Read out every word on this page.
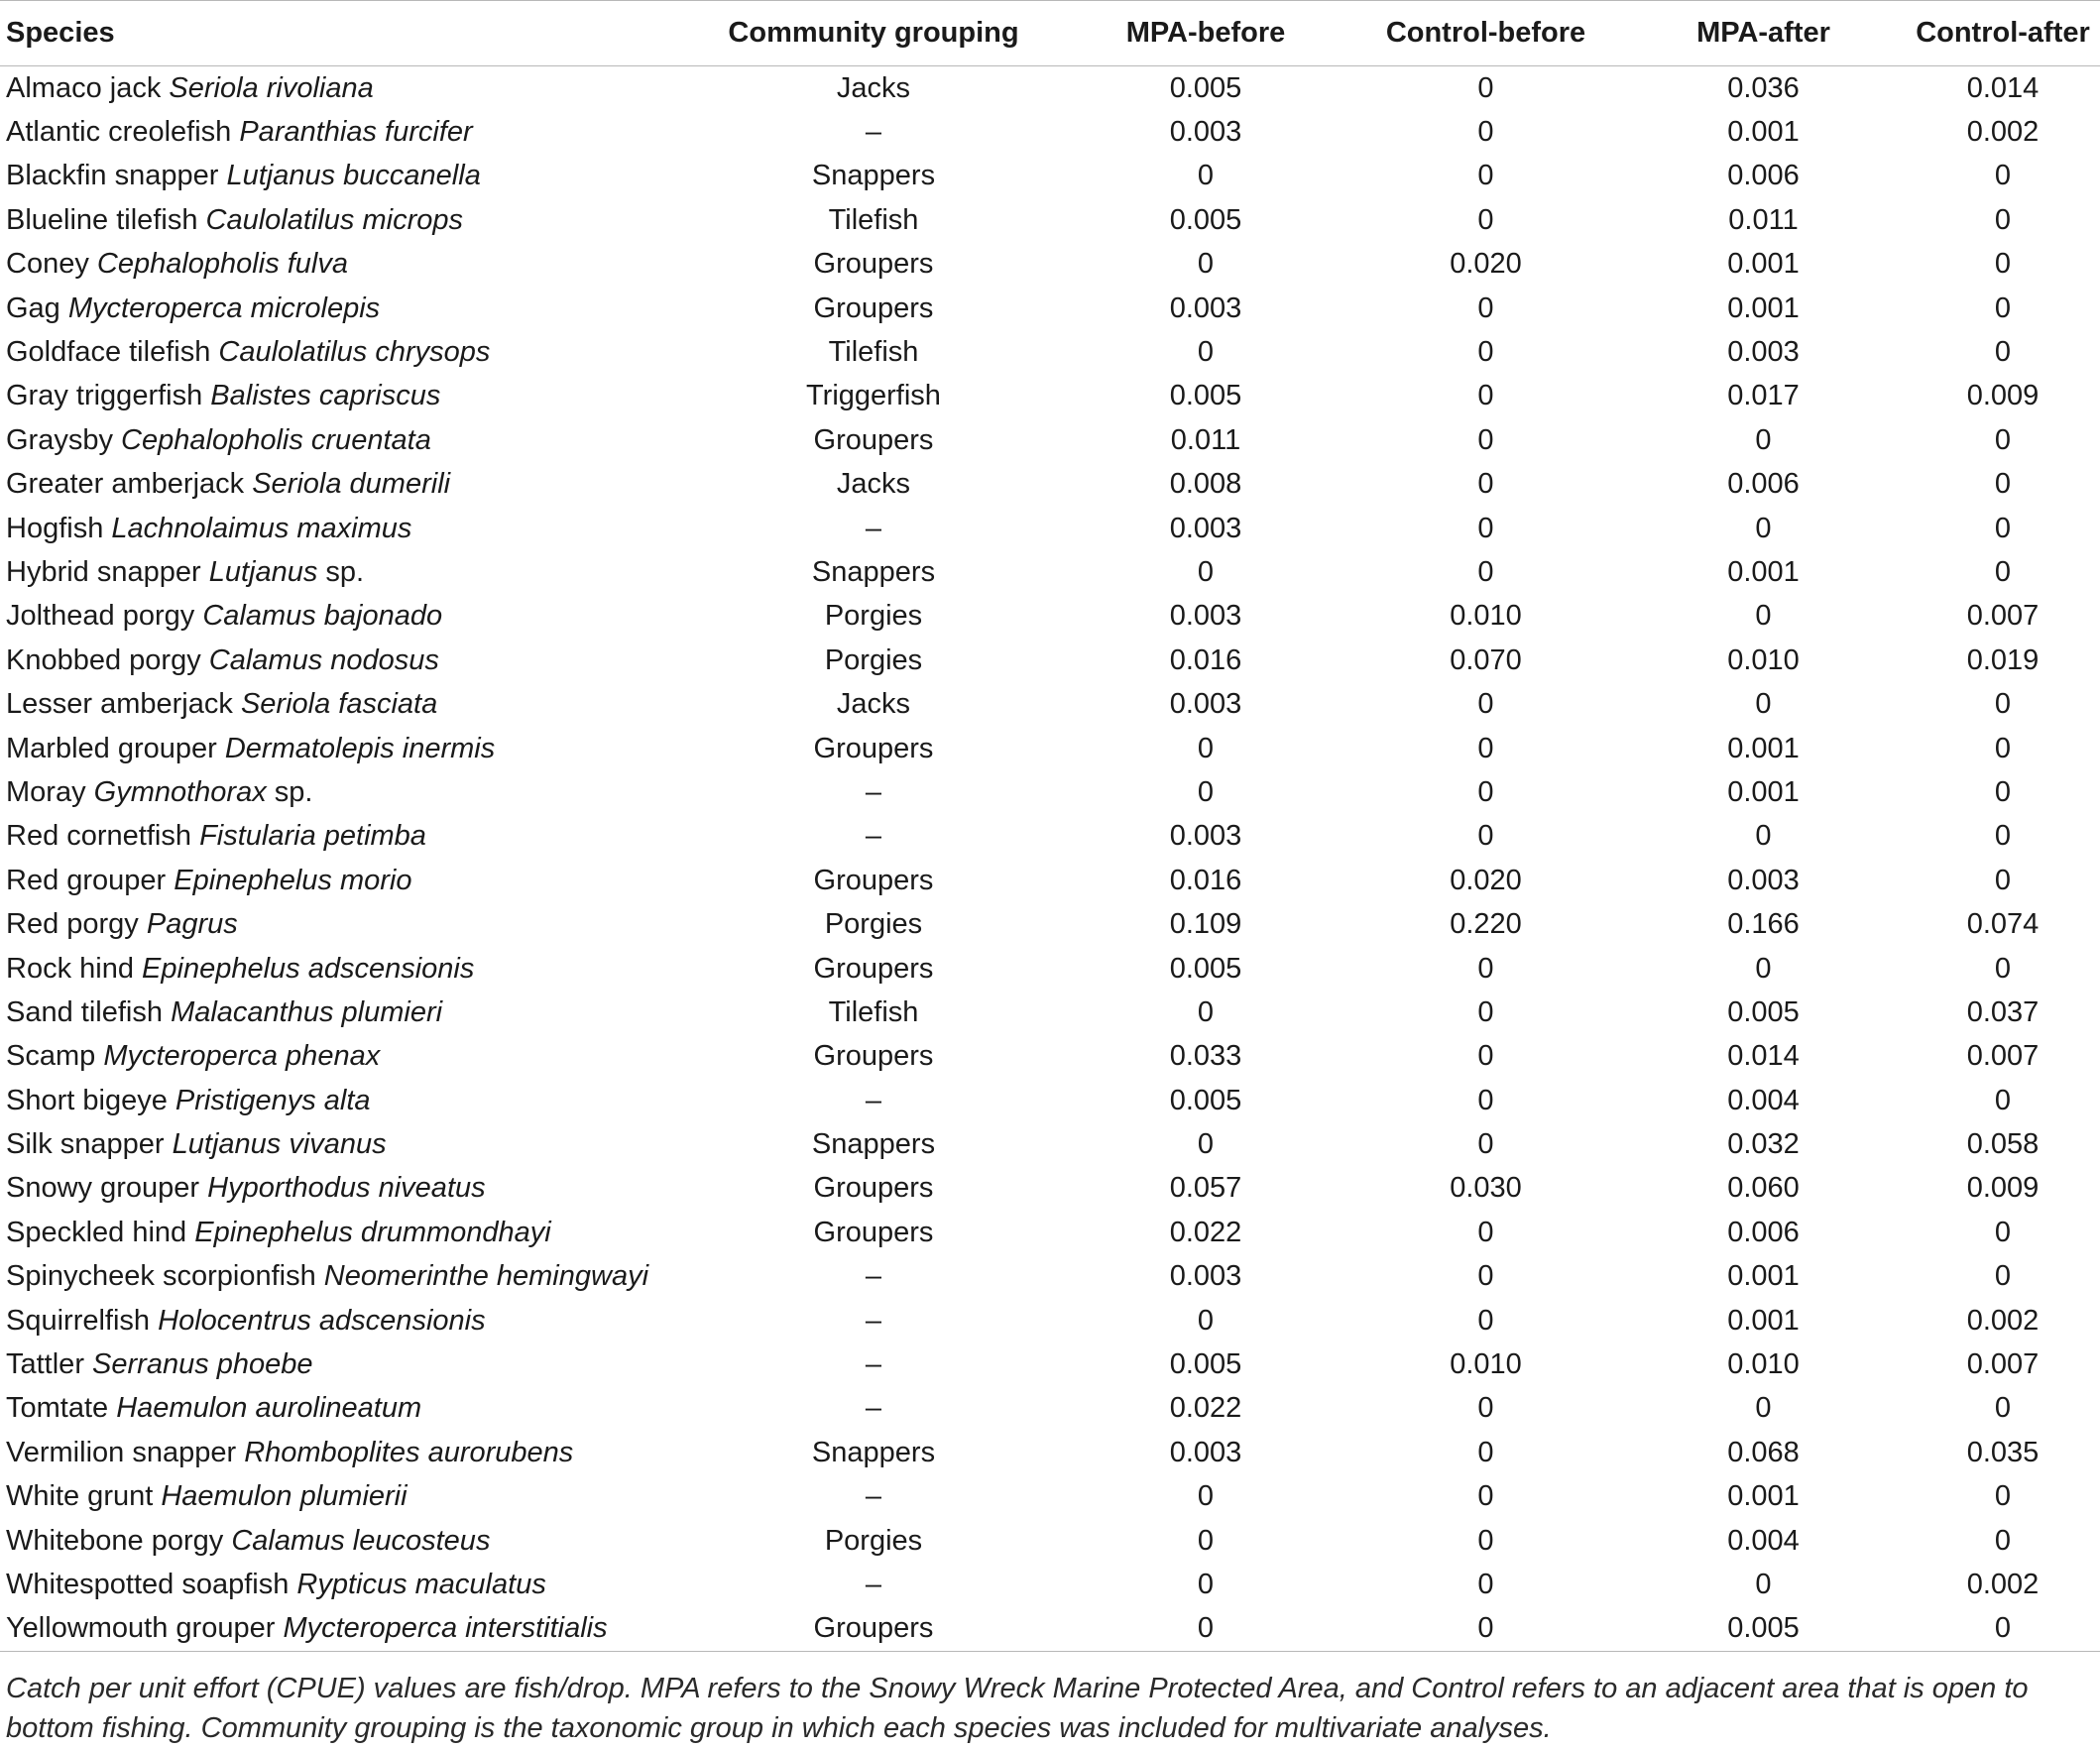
Species	Community grouping	MPA-before	Control-before	MPA-after	Control-after
Almaco jack Seriola rivoliana	Jacks	0.005	0	0.036	0.014
Atlantic creolefish Paranthias furcifer	–	0.003	0	0.001	0.002
Blackfin snapper Lutjanus buccanella	Snappers	0	0	0.006	0
Blueline tilefish Caulolatilus microps	Tilefish	0.005	0	0.011	0
Coney Cephalopholis fulva	Groupers	0	0.020	0.001	0
Gag Mycteroperca microlepis	Groupers	0.003	0	0.001	0
Goldface tilefish Caulolatilus chrysops	Tilefish	0	0	0.003	0
Gray triggerfish Balistes capriscus	Triggerfish	0.005	0	0.017	0.009
Graysby Cephalopholis cruentata	Groupers	0.011	0	0	0
Greater amberjack Seriola dumerili	Jacks	0.008	0	0.006	0
Hogfish Lachnolaimus maximus	–	0.003	0	0	0
Hybrid snapper Lutjanus sp.	Snappers	0	0	0.001	0
Jolthead porgy Calamus bajonado	Porgies	0.003	0.010	0	0.007
Knobbed porgy Calamus nodosus	Porgies	0.016	0.070	0.010	0.019
Lesser amberjack Seriola fasciata	Jacks	0.003	0	0	0
Marbled grouper Dermatolepis inermis	Groupers	0	0	0.001	0
Moray Gymnothorax sp.	–	0	0	0.001	0
Red cornetfish Fistularia petimba	–	0.003	0	0	0
Red grouper Epinephelus morio	Groupers	0.016	0.020	0.003	0
Red porgy Pagrus	Porgies	0.109	0.220	0.166	0.074
Rock hind Epinephelus adscensionis	Groupers	0.005	0	0	0
Sand tilefish Malacanthus plumieri	Tilefish	0	0	0.005	0.037
Scamp Mycteroperca phenax	Groupers	0.033	0	0.014	0.007
Short bigeye Pristigenys alta	–	0.005	0	0.004	0
Silk snapper Lutjanus vivanus	Snappers	0	0	0.032	0.058
Snowy grouper Hyporthodus niveatus	Groupers	0.057	0.030	0.060	0.009
Speckled hind Epinephelus drummondhayi	Groupers	0.022	0	0.006	0
Spinycheek scorpionfish Neomerinthe hemingwayi	–	0.003	0	0.001	0
Squirrelfish Holocentrus adscensionis	–	0	0	0.001	0.002
Tattler Serranus phoebe	–	0.005	0.010	0.010	0.007
Tomtate Haemulon aurolineatum	–	0.022	0	0	0
Vermilion snapper Rhomboplites aurorubens	Snappers	0.003	0	0.068	0.035
White grunt Haemulon plumierii	–	0	0	0.001	0
Whitebone porgy Calamus leucosteus	Porgies	0	0	0.004	0
Whitespotted soapfish Rypticus maculatus	–	0	0	0	0.002
Yellowmouth grouper Mycteroperca interstitialis	Groupers	0	0	0.005	0
Catch per unit effort (CPUE) values are fish/drop. MPA refers to the Snowy Wreck Marine Protected Area, and Control refers to an adjacent area that is open to bottom fishing. Community grouping is the taxonomic group in which each species was included for multivariate analyses.
